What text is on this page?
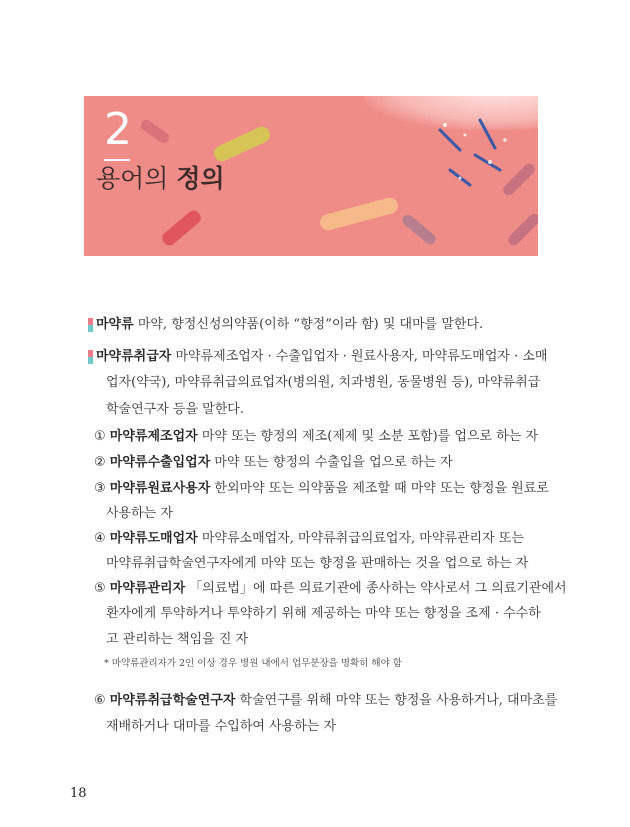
2
용어의 정의
마약류 마약, 향정신성의약품(이하 “향정”이라 함) 및 대마를 말한다.
마약류취급자 마약류제조업자 · 수출입업자 · 원료사용자, 마약류도매업자 · 소매
업자(약국), 마약류취급의료업자(병의원, 치과병원, 동물병원 등), 마약류취급
학술연구자 등을 말한다.
① 마약류제조업자 마약 또는 향정의 제조(제제 및 소분 포함)를 업으로 하는 자
② 마약류수출입업자 마약 또는 향정의 수출입을 업으로 하는 자
③ 마약류원료사용자 한외마약 또는 의약품을 제조할 때 마약 또는 향정을 원료로
사용하는 자
④ 마약류도매업자 마약류소매업자, 마약류취급의료업자, 마약류관리자 또는
마약류취급학술연구자에게 마약 또는 향정을 판매하는 것을 업으로 하는 자
⑤ 마약류관리자 「의료법」에 따른 의료기관에 종사하는 약사로서 그 의료기관에서
환자에게 투약하거나 투약하기 위해 제공하는 마약 또는 향정을 조제 · 수수하
고 관리하는 책임을 진 자
* 마약류관리자가 2인 이상 경우 병원 내에서 업무분장을 명확히 해야 함
⑥ 마약류취급학술연구자 학술연구를 위해 마약 또는 향정을 사용하거나, 대마초를
재배하거나 대마를 수입하여 사용하는 자
18
